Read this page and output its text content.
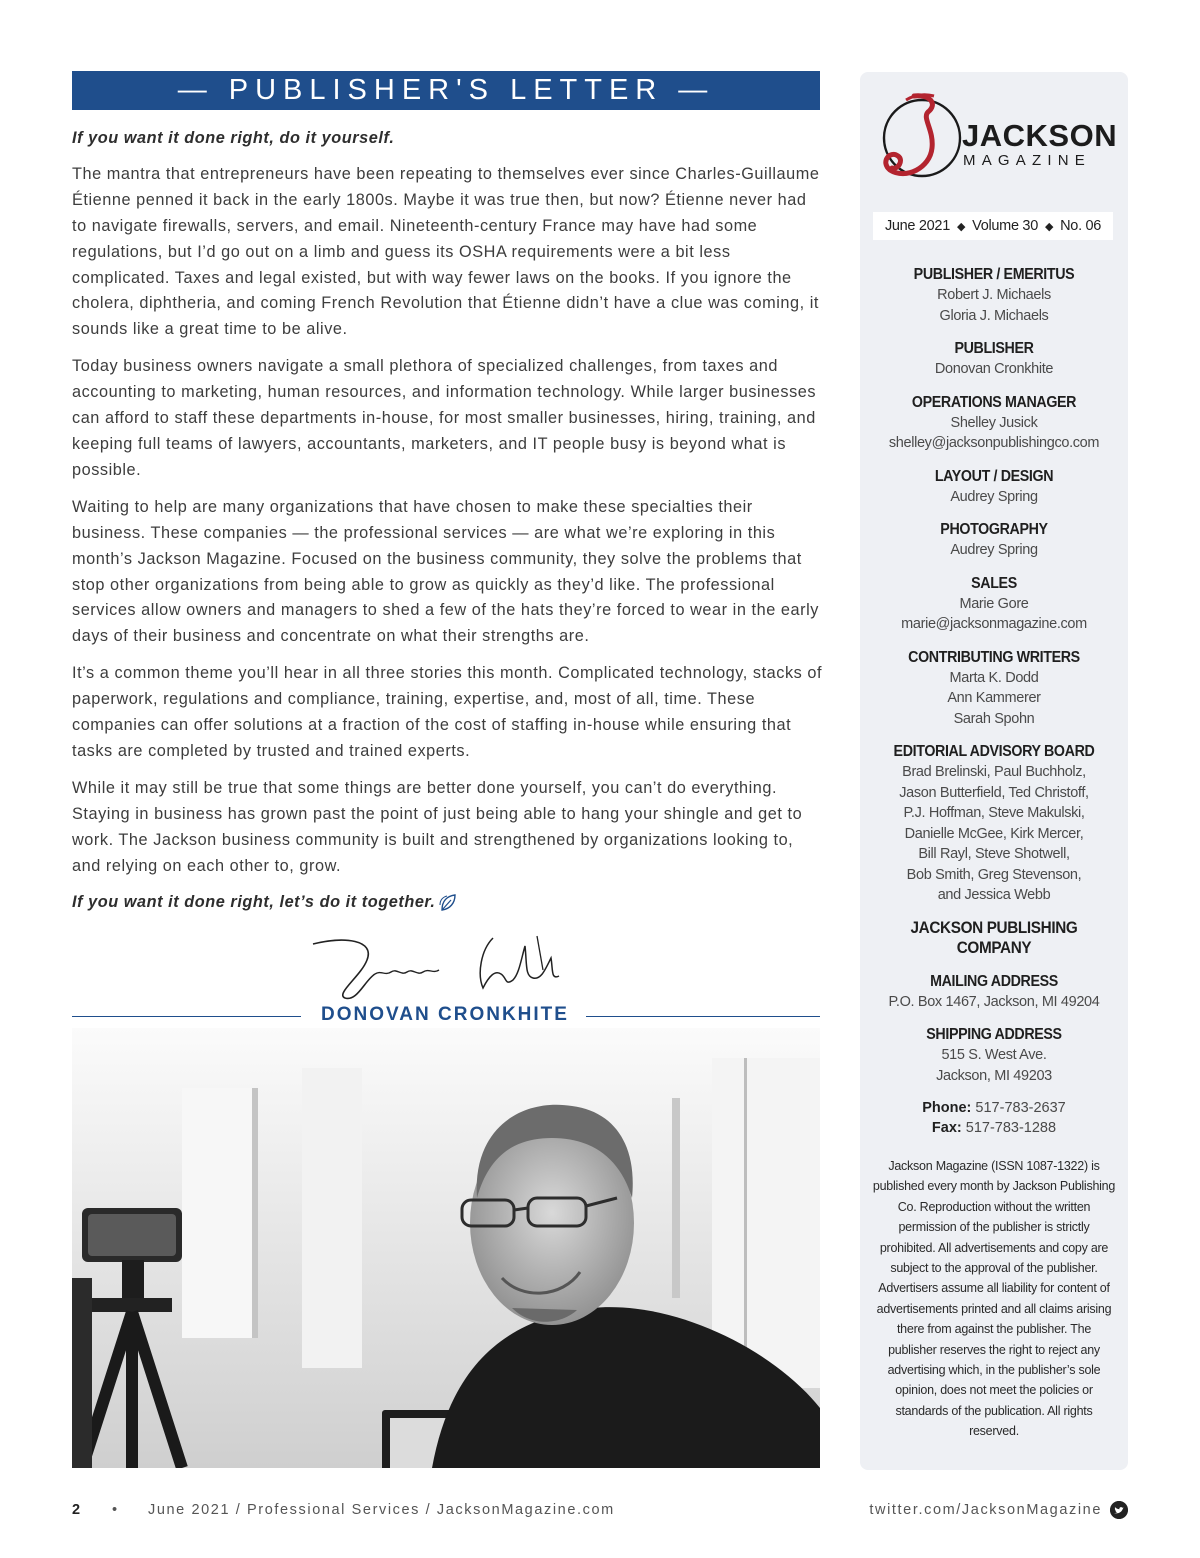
— PUBLISHER'S LETTER —

If you want it done right, do it yourself.

The mantra that entrepreneurs have been repeating to themselves ever since Charles-Guillaume Étienne penned it back in the early 1800s. Maybe it was true then, but now? Étienne never had to navigate firewalls, servers, and email. Nineteenth-century France may have had some regulations, but I’d go out on a limb and guess its OSHA requirements were a bit less complicated. Taxes and legal existed, but with way fewer laws on the books. If you ignore the cholera, diphtheria, and coming French Revolution that Étienne didn’t have a clue was coming, it sounds like a great time to be alive.

Today business owners navigate a small plethora of specialized challenges, from taxes and accounting to marketing, human resources, and information technology. While larger businesses can afford to staff these departments in-house, for most smaller businesses, hiring, training, and keeping full teams of lawyers, accountants, marketers, and IT people busy is beyond what is possible.

Waiting to help are many organizations that have chosen to make these specialties their business. These companies — the professional services — are what we’re exploring in this month’s Jackson Magazine. Focused on the business community, they solve the problems that stop other organizations from being able to grow as quickly as they’d like. The professional services allow owners and managers to shed a few of the hats they’re forced to wear in the early days of their business and concentrate on what their strengths are.

It’s a common theme you’ll hear in all three stories this month. Complicated technology, stacks of paperwork, regulations and compliance, training, expertise, and, most of all, time. These companies can offer solutions at a fraction of the cost of staffing in-house while ensuring that tasks are completed by trusted and trained experts.

While it may still be true that some things are better done yourself, you can’t do everything. Staying in business has grown past the point of just being able to hang your shingle and get to work. The Jackson business community is built and strengthened by organizations looking to, and relying on each other to, grow.

If you want it done right, let’s do it together.

DONOVAN CRONKHITE
JACKSON
MAGAZINE
June 2021 ◆ Volume 30 ◆ No. 06
PUBLISHER / EMERITUS
Robert J. Michaels
Gloria J. Michaels
PUBLISHER
Donovan Cronkhite
OPERATIONS MANAGER
Shelley Jusick
shelley@jacksonpublishingco.com
LAYOUT / DESIGN
Audrey Spring
PHOTOGRAPHY
Audrey Spring
SALES
Marie Gore
marie@jacksonmagazine.com
CONTRIBUTING WRITERS
Marta K. Dodd
Ann Kammerer
Sarah Spohn
EDITORIAL ADVISORY BOARD
Brad Brelinski, Paul Buchholz,
Jason Butterfield, Ted Christoff,
P.J. Hoffman, Steve Makulski,
Danielle McGee, Kirk Mercer,
Bill Rayl, Steve Shotwell,
Bob Smith, Greg Stevenson,
and Jessica Webb
JACKSON PUBLISHING COMPANY
MAILING ADDRESS
P.O. Box 1467, Jackson, MI 49204
SHIPPING ADDRESS
515 S. West Ave.
Jackson, MI 49203
Phone: 517-783-2637
Fax: 517-783-1288
Jackson Magazine (ISSN 1087-1322) is published every month by Jackson Publishing Co. Reproduction without the written permission of the publisher is strictly prohibited. All advertisements and copy are subject to the approval of the publisher. Advertisers assume all liability for content of advertisements printed and all claims arising there from against the publisher. The publisher reserves the right to reject any advertising which, in the publisher’s sole opinion, does not meet the policies or standards of the publication. All rights reserved.
2 • June 2021 / Professional Services / JacksonMagazine.com	twitter.com/JacksonMagazine
